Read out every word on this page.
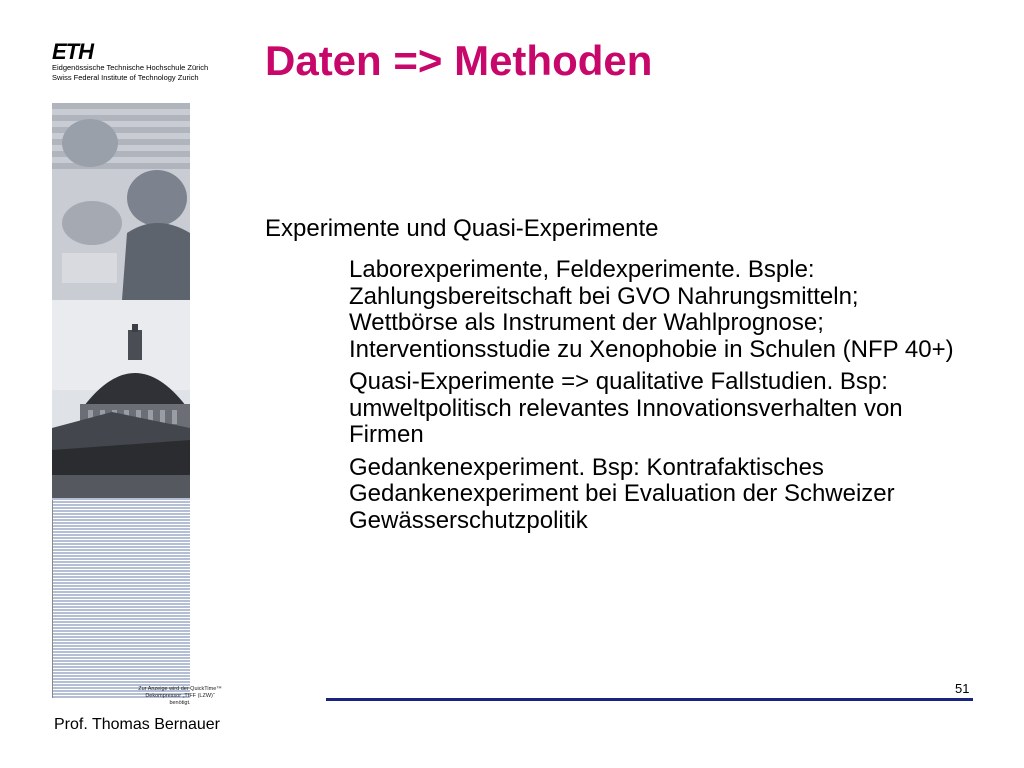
ETH
Eidgenössische Technische Hochschule Zürich
Swiss Federal Institute of Technology Zurich Daten => Methoden
Zur Anzeige wird der QuickTime™
Dekompressor „TIFF (LZW)“
benötigt.
Experimente und Quasi-Experimente
Laborexperimente, Feldexperimente. Bsple: Zahlungsbereitschaft bei GVO Nahrungsmitteln; Wettbörse als Instrument der Wahlprognose; Interventionsstudie zu Xenophobie in Schulen (NFP 40+)
Quasi-Experimente => qualitative Fallstudien. Bsp: umweltpolitisch relevantes Innovationsverhalten von Firmen
Gedankenexperiment. Bsp: Kontrafaktisches Gedankenexperiment bei Evaluation der Schweizer Gewässerschutzpolitik
51
Prof. Thomas Bernauer
